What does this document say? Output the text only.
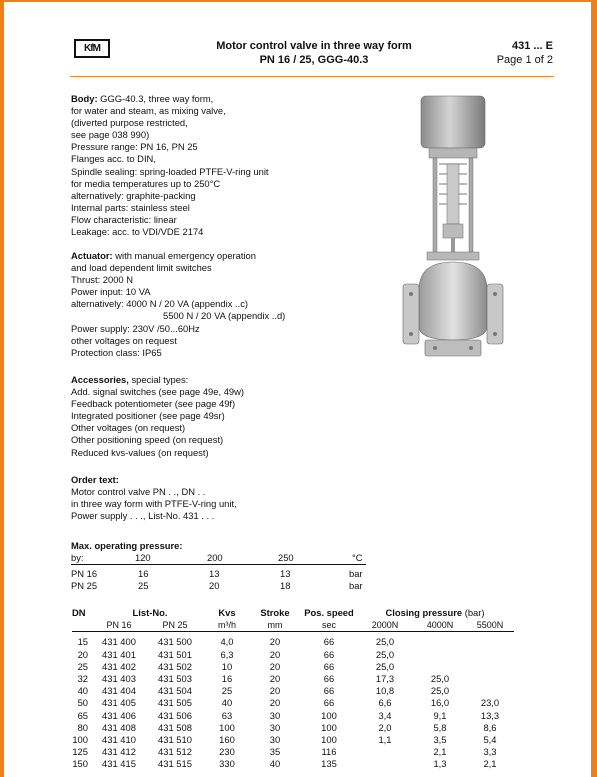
KfM	Motor control valve in three way form
PN 16 / 25, GGG-40.3
431 ... E
Page 1 of 2
Body: GGG-40.3, three way form,
for water and steam, as mixing valve,
(diverted purpose restricted,
see page 038 990)
Pressure range: PN 16, PN 25
Flanges acc. to DIN,
Spindle sealing: spring-loaded PTFE-V-ring unit
for media temperatures up to 250°C
alternatively: graphite-packing
Internal parts: stainless steel
Flow characteristic: linear
Leakage: acc. to VDI/VDE 2174
Actuator: with manual emergency operation
and load dependent limit switches
Thrust: 2000 N
Power input: 10 VA
alternatively: 4000 N / 20 VA (appendix ..c)
5500 N / 20 VA (appendix ..d)
Power supply: 230V /50...60Hz
other voltages on request
Protection class: IP65
Accessories, special types:
Add. signal switches (see page 49e, 49w)
Feedback potentiometer (see page 49f)
Integrated positioner (see page 49sr)
Other voltages (on request)
Other positioning speed (on request)
Reduced kvs-values (on request)
Order text:
Motor control valve PN . ., DN . .
in three way form with PTFE-V-ring unit,
Power supply . . ., List-No. 431 . . .
Max. operating pressure:
by:	120	200	250	°C
PN 16	16	13	13	bar
PN 25	25	20	18	bar
DN	List-No.		Kvs	Stroke	Pos. speed	Closing pressure (bar)		
	PN 16	PN 25	m³/h	mm	sec	2000N	4000N	5500N

15	431 400	431 500	4,0	20	66	25,0		
20	431 401	431 501	6,3	20	66	25,0		
25	431 402	431 502	10	20	66	25,0		
32	431 403	431 503	16	20	66	17,3	25,0	
40	431 404	431 504	25	20	66	10,8	25,0	
50	431 405	431 505	40	20	66	6,6	16,0	23,0
65	431 406	431 506	63	30	100	3,4	9,1	13,3
80	431 408	431 508	100	30	100	2,0	5,8	8,6
100	431 410	431 510	160	30	100	1,1	3,5	5,4
125	431 412	431 512	230	35	116		2,1	3,3
150	431 415	431 515	330	40	135		1,3	2,1
